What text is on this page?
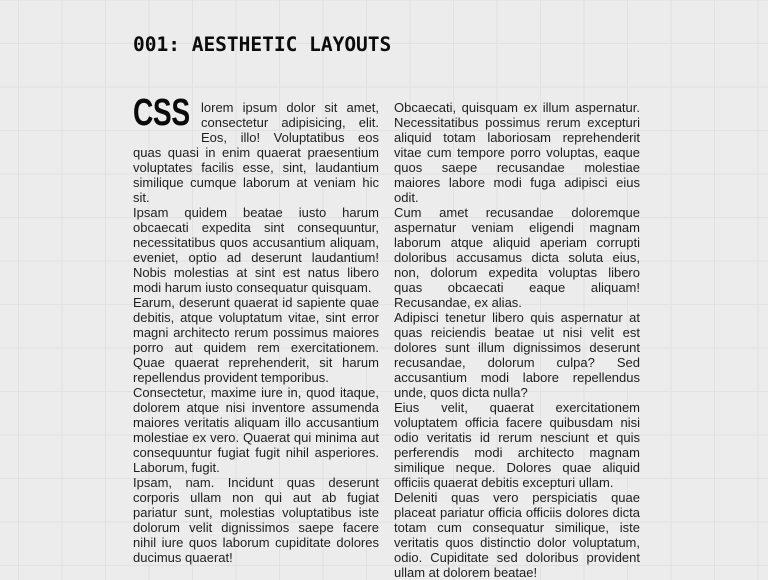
001: AESTHETIC LAYOUTS

CSS lorem ipsum dolor sit amet, consectetur adipisicing, elit. Eos, illo! Voluptatibus eos quas quasi in enim quaerat praesentium voluptates facilis esse, sint, laudantium similique cumque laborum at veniam hic sit.

Ipsam quidem beatae iusto harum obcaecati expedita sint consequuntur, necessitatibus quos accusantium aliquam, eveniet, optio ad deserunt laudantium! Nobis molestias at sint est natus libero modi harum iusto consequatur quisquam.

Earum, deserunt quaerat id sapiente quae debitis, atque voluptatum vitae, sint error magni architecto rerum possimus maiores porro aut quidem rem exercitationem. Quae quaerat reprehenderit, sit harum repellendus provident temporibus.

Consectetur, maxime iure in, quod itaque, dolorem atque nisi inventore assumenda maiores veritatis aliquam illo accusantium molestiae ex vero. Quaerat qui minima aut consequuntur fugiat fugit nihil asperiores. Laborum, fugit.

Ipsam, nam. Incidunt quas deserunt corporis ullam non qui aut ab fugiat pariatur sunt, molestias voluptatibus iste dolorum velit dignissimos saepe facere nihil iure quos laborum cupiditate dolores ducimus quaerat!

Obcaecati, quisquam ex illum aspernatur. Necessitatibus possimus rerum excepturi aliquid totam laboriosam reprehenderit vitae cum tempore porro voluptas, eaque quos saepe recusandae molestiae maiores labore modi fuga adipisci eius odit.

Cum amet recusandae doloremque aspernatur veniam eligendi magnam laborum atque aliquid aperiam corrupti doloribus accusamus dicta soluta eius, non, dolorum expedita voluptas libero quas obcaecati eaque aliquam! Recusandae, ex alias.

Adipisci tenetur libero quis aspernatur at quas reiciendis beatae ut nisi velit est dolores sunt illum dignissimos deserunt recusandae, dolorum culpa? Sed accusantium modi labore repellendus unde, quos dicta nulla?

Eius velit, quaerat exercitationem voluptatem officia facere quibusdam nisi odio veritatis id rerum nesciunt et quis perferendis modi architecto magnam similique neque. Dolores quae aliquid officiis quaerat debitis excepturi ullam.

Deleniti quas vero perspiciatis quae placeat pariatur officia officiis dolores dicta totam cum consequatur similique, iste veritatis quos distinctio dolor voluptatum, odio. Cupiditate sed doloribus provident ullam at dolorem beatae!
